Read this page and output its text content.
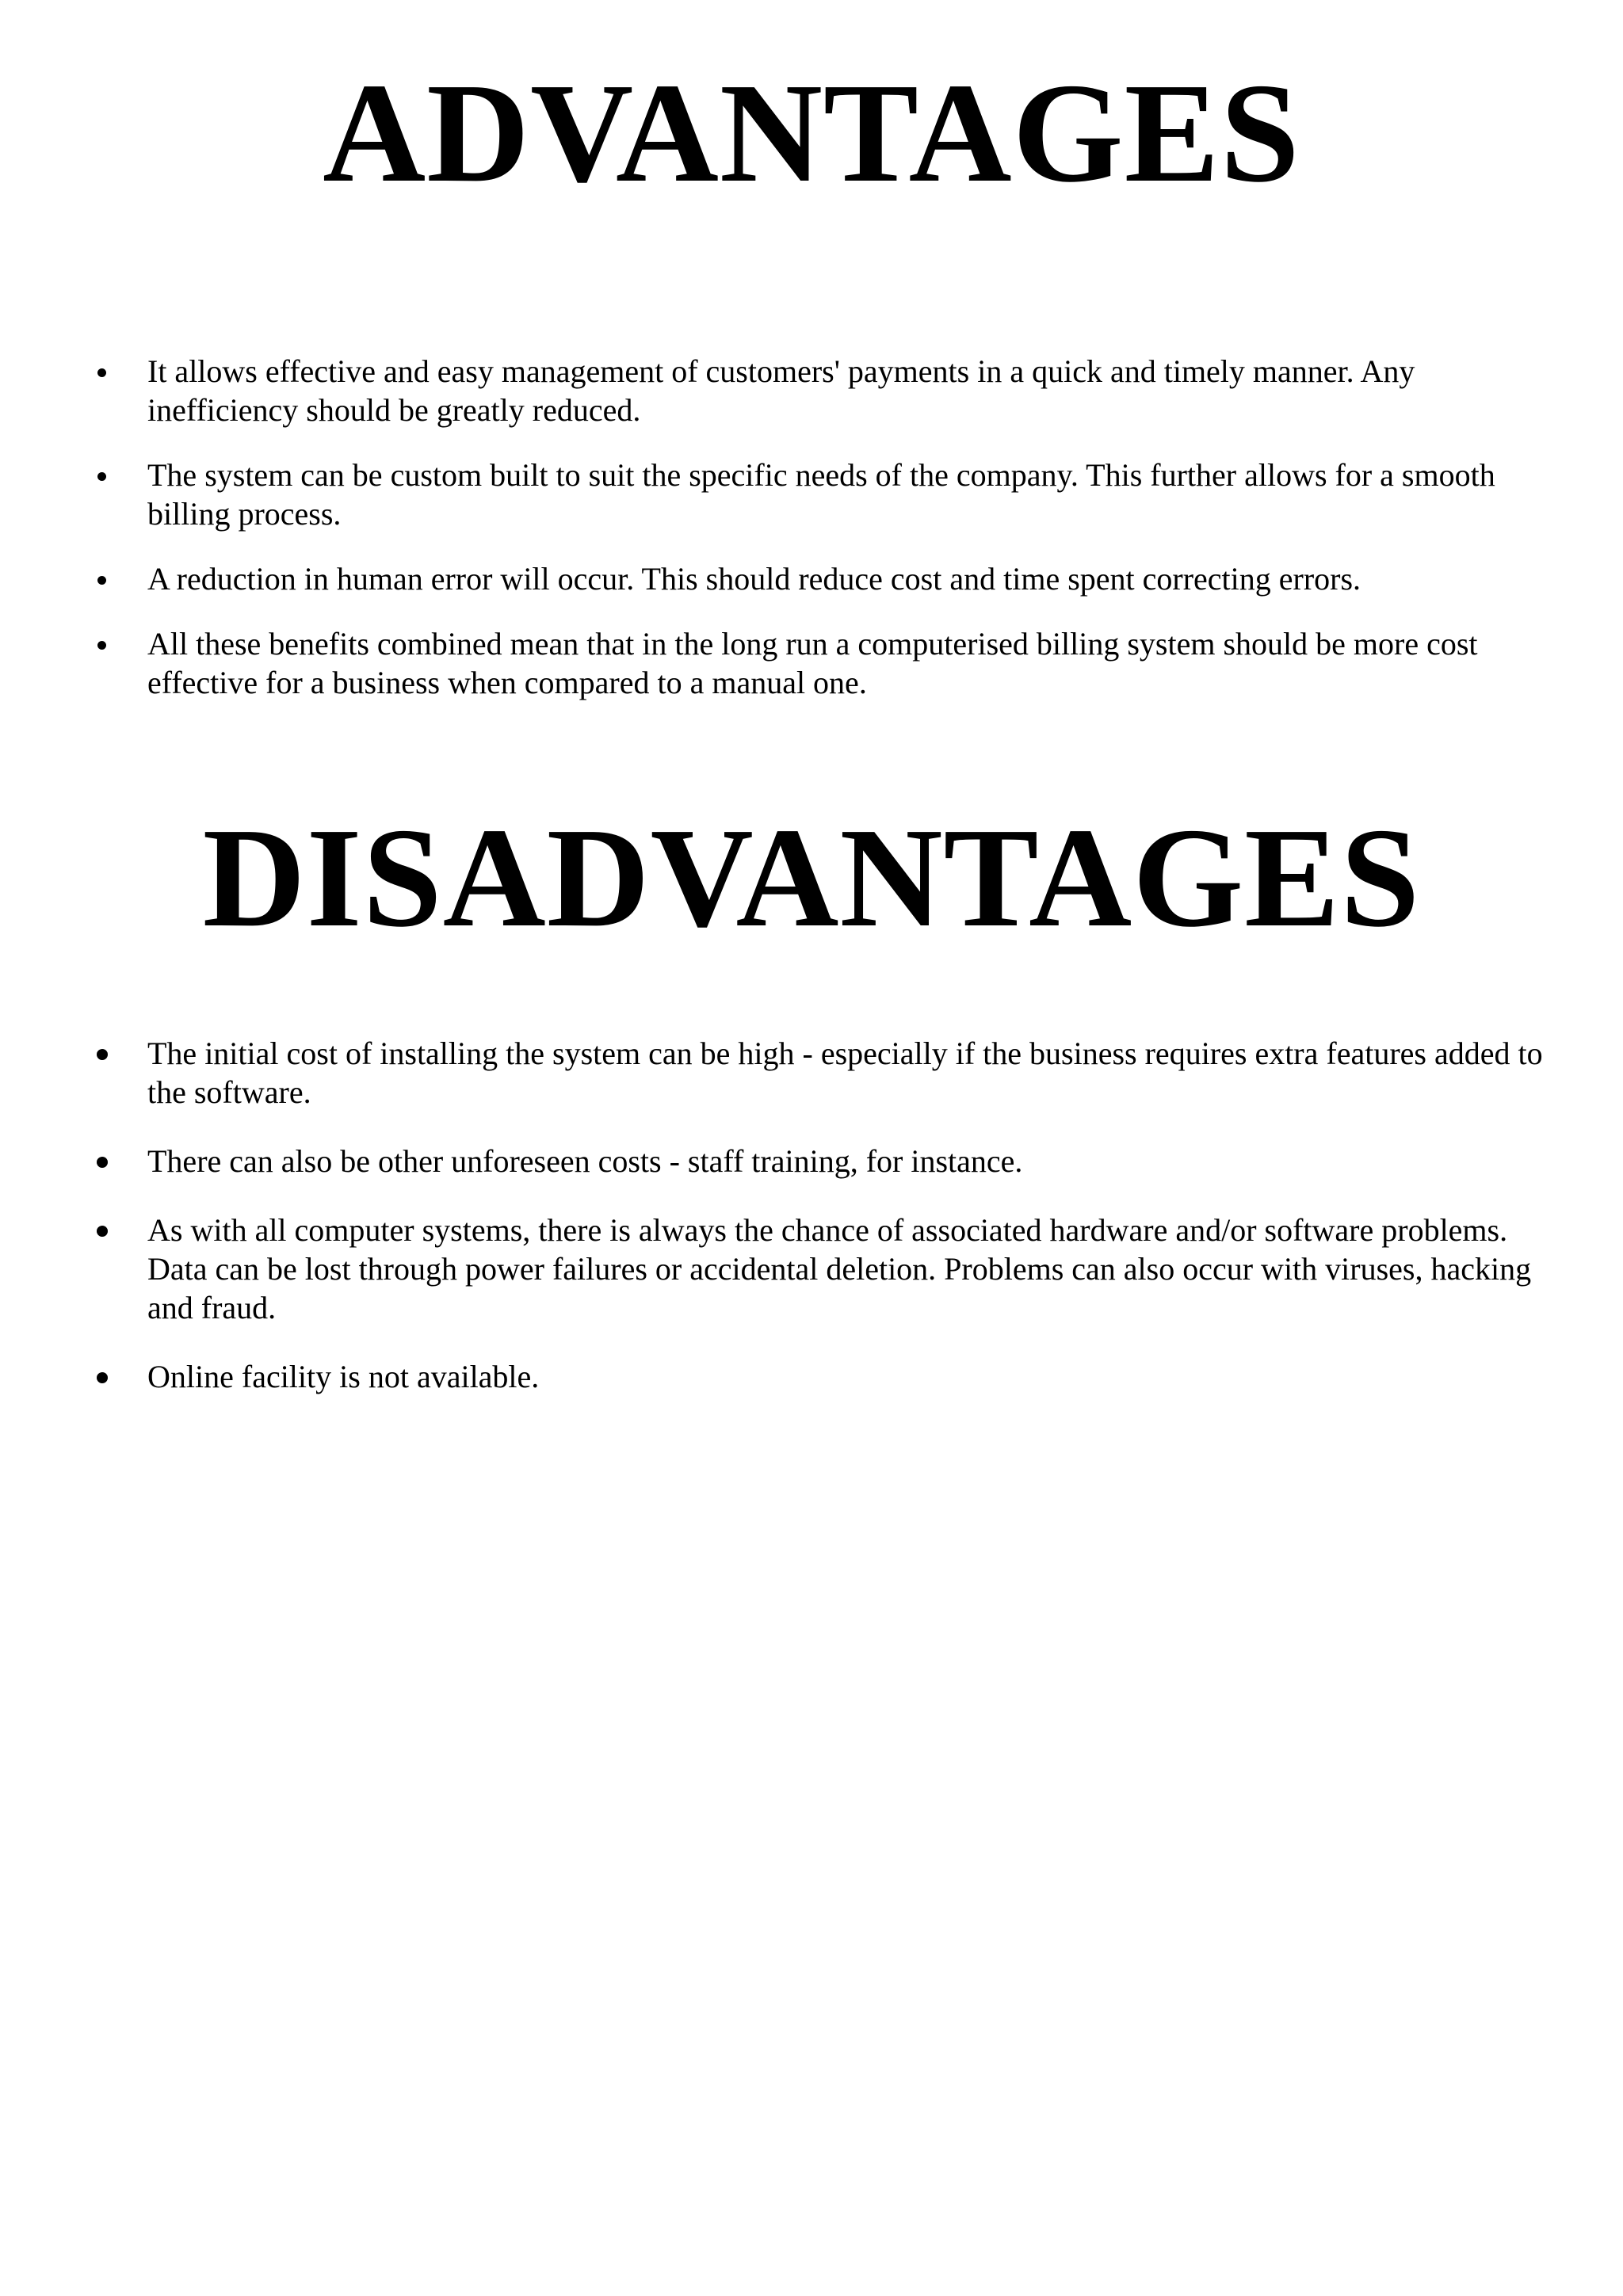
ADVANTAGES
It allows effective and easy management of customers' payments in a quick and timely manner. Any inefficiency should be greatly reduced.
The system can be custom built to suit the specific needs of the company. This further allows for a smooth billing process.
A reduction in human error will occur. This should reduce cost and time spent correcting errors.
All these benefits combined mean that in the long run a computerised billing system should be more cost effective for a business when compared to a manual one.
DISADVANTAGES
The initial cost of installing the system can be high - especially if the business requires extra features added to the software.
There can also be other unforeseen costs - staff training, for instance.
As with all computer systems, there is always the chance of associated hardware and/or software problems. Data can be lost through power failures or accidental deletion. Problems can also occur with viruses, hacking and fraud.
Online facility is not available.
